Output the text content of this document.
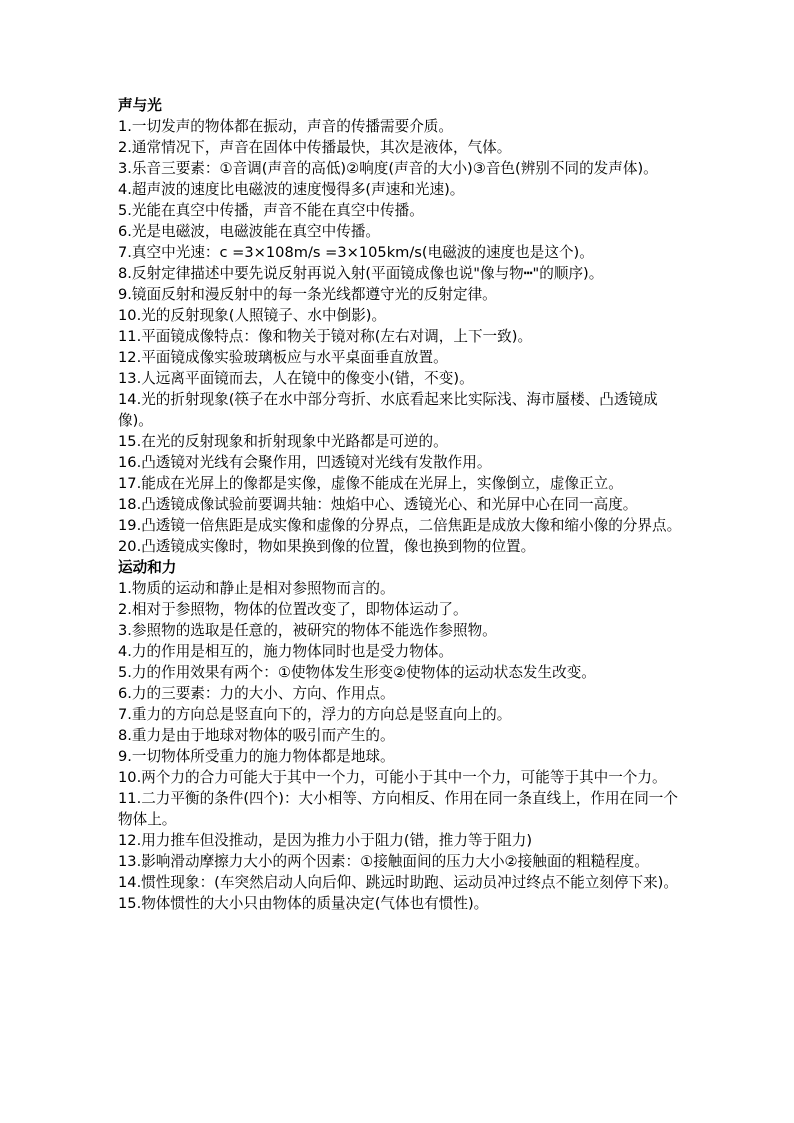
声与光

1.一切发声的物体都在振动，声音的传播需要介质。

2.通常情况下，声音在固体中传播最快，其次是液体，气体。

3.乐音三要素：①音调(声音的高低)②响度(声音的大小)③音色(辨别不同的发声体)。

4.超声波的速度比电磁波的速度慢得多(声速和光速)。

5.光能在真空中传播，声音不能在真空中传播。

6.光是电磁波，电磁波能在真空中传播。

7.真空中光速：c =3×108m/s =3×105km/s(电磁波的速度也是这个)。

8.反射定律描述中要先说反射再说入射(平面镜成像也说"像与物┅"的顺序)。

9.镜面反射和漫反射中的每一条光线都遵守光的反射定律。

10.光的反射现象(人照镜子、水中倒影)。

11.平面镜成像特点：像和物关于镜对称(左右对调，上下一致)。

12.平面镜成像实验玻璃板应与水平桌面垂直放置。

13.人远离平面镜而去，人在镜中的像变小(错，不变)。

14.光的折射现象(筷子在水中部分弯折、水底看起来比实际浅、海市蜃楼、凸透镜成像)。

15.在光的反射现象和折射现象中光路都是可逆的。

16.凸透镜对光线有会聚作用，凹透镜对光线有发散作用。

17.能成在光屏上的像都是实像，虚像不能成在光屏上，实像倒立，虚像正立。

18.凸透镜成像试验前要调共轴：烛焰中心、透镜光心、和光屏中心在同一高度。

19.凸透镜一倍焦距是成实像和虚像的分界点，二倍焦距是成放大像和缩小像的分界点。

20.凸透镜成实像时，物如果换到像的位置，像也换到物的位置。

运动和力

1.物质的运动和静止是相对参照物而言的。

2.相对于参照物，物体的位置改变了，即物体运动了。

3.参照物的选取是任意的，被研究的物体不能选作参照物。

4.力的作用是相互的，施力物体同时也是受力物体。

5.力的作用效果有两个：①使物体发生形变②使物体的运动状态发生改变。

6.力的三要素：力的大小、方向、作用点。

7.重力的方向总是竖直向下的，浮力的方向总是竖直向上的。

8.重力是由于地球对物体的吸引而产生的。

9.一切物体所受重力的施力物体都是地球。

10.两个力的合力可能大于其中一个力，可能小于其中一个力，可能等于其中一个力。

11.二力平衡的条件(四个)：大小相等、方向相反、作用在同一条直线上，作用在同一个物体上。

12.用力推车但没推动，是因为推力小于阻力(错，推力等于阻力)

13.影响滑动摩擦力大小的两个因素：①接触面间的压力大小②接触面的粗糙程度。

14.惯性现象：(车突然启动人向后仰、跳远时助跑、运动员冲过终点不能立刻停下来)。

15.物体惯性的大小只由物体的质量决定(气体也有惯性)。
